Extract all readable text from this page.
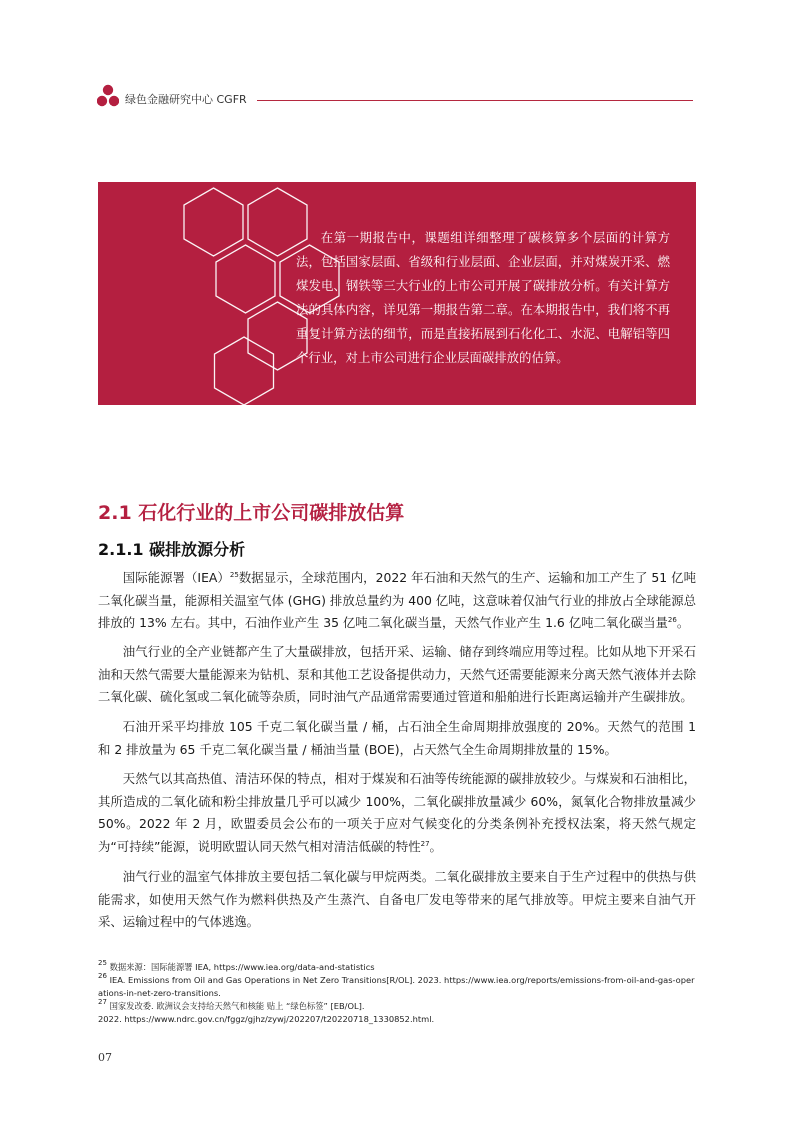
绿色金融研究中心 CGFR
在第一期报告中，课题组详细整理了碳核算多个层面的计算方法，包括国家层面、省级和行业层面、企业层面，并对煤炭开采、燃煤发电、钢铁等三大行业的上市公司开展了碳排放分析。有关计算方法的具体内容，详见第一期报告第二章。在本期报告中，我们将不再重复计算方法的细节，而是直接拓展到石化化工、水泥、电解铝等四个行业，对上市公司进行企业层面碳排放的估算。
2.1 石化行业的上市公司碳排放估算
2.1.1 碳排放源分析

国际能源署（IEA）$^{25}$数据显示，全球范围内，2022 年石油和天然气的生产、运输和加工产生了 51 亿吨二氧化碳当量，能源相关温室气体 (GHG) 排放总量约为 400 亿吨，这意味着仅油气行业的排放占全球能源总排放的 13% 左右。其中，石油作业产生 35 亿吨二氧化碳当量，天然气作业产生 1.6 亿吨二氧化碳当量$^{26}$。

油气行业的全产业链都产生了大量碳排放，包括开采、运输、储存到终端应用等过程。比如从地下开采石油和天然气需要大量能源来为钻机、泵和其他工艺设备提供动力，天然气还需要能源来分离天然气液体并去除二氧化碳、硫化氢或二氧化硫等杂质，同时油气产品通常需要通过管道和船舶进行长距离运输并产生碳排放。

石油开采平均排放 105 千克二氧化碳当量 / 桶，占石油全生命周期排放强度的 20%。天然气的范围 1 和 2 排放量为 65 千克二氧化碳当量 / 桶油当量 (BOE)，占天然气全生命周期排放量的 15%。

天然气以其高热值、清洁环保的特点，相对于煤炭和石油等传统能源的碳排放较少。与煤炭和石油相比，其所造成的二氧化硫和粉尘排放量几乎可以减少 100%，二氧化碳排放量减少 60%，氮氧化合物排放量减少 50%。2022 年 2 月，欧盟委员会公布的一项关于应对气候变化的分类条例补充授权法案，将天然气规定为“可持续”能源，说明欧盟认同天然气相对清洁低碳的特性$^{27}$。

油气行业的温室气体排放主要包括二氧化碳与甲烷两类。二氧化碳排放主要来自于生产过程中的供热与供能需求，如使用天然气作为燃料供热及产生蒸汽、自备电厂发电等带来的尾气排放等。甲烷主要来自油气开采、运输过程中的气体逃逸。

$^{25}$ 数据来源：国际能源署 IEA, https://www.iea.org/data-and-statistics

$^{26}$ IEA. Emissions from Oil and Gas Operations in Net Zero Transitions[R/OL]. 2023. https://www.iea.org/reports/emissions-from-oil-and-gas-operations-in-net-zero-transitions.

$^{27}$ 国家发改委. 欧洲议会支持给天然气和核能 贴上 “绿色标签” [EB/OL].
2022. https://www.ndrc.gov.cn/fggz/gjhz/zywj/202207/t20220718_1330852.html.

07
